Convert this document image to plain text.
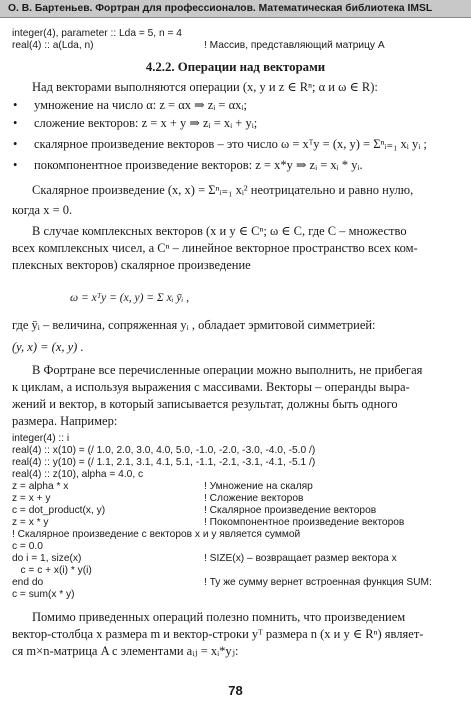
О. В. Бартеньев. Фортран для профессионалов. Математическая библиотека IMSL
integer(4), parameter :: Lda = 5, n = 4
real(4) :: a(Lda, n)	! Массив, представляющий матрицу A
4.2.2. Операции над векторами
Над векторами выполняются операции (x, y и z ∈ Rⁿ; α и ω ∈ R):
• умножение на число α: z = αx ⇒ zᵢ = αxᵢ;
• сложение векторов: z = x + y ⇒ zᵢ = xᵢ + yᵢ;
• скалярное произведение векторов – это число ω = xᵀy = (x, y) = Σⁿᵢ₌₁ xᵢ yᵢ ;
• покомпонентное произведение векторов: z = x*y ⇒ zᵢ = xᵢ * yᵢ.
Скалярное произведение (x, x) = Σⁿᵢ₌₁ xᵢ² неотрицательно и равно нулю,
когда x = 0.
В случае комплексных векторов (x и y ∈ Cⁿ; ω ∈ C, где C – множество
всех комплексных чисел, а Cⁿ – линейное векторное пространство всех ком-
плексных векторов) скалярное произведение
ω = xᵀy = (x, y) = Σ xᵢ ȳᵢ ,
где ȳᵢ – величина, сопряженная yᵢ , обладает эрмитовой симметрией:
(y, x) = (x, y) .
В Фортране все перечисленные операции можно выполнить, не прибегая
к циклам, а используя выражения с массивами. Векторы – операнды выра-
жений и вектор, в который записывается результат, должны быть одного
размера. Например:
integer(4) :: i
real(4) :: x(10) = (/ 1.0, 2.0, 3.0, 4.0, 5.0, -1.0, -2.0, -3.0, -4.0, -5.0 /)
real(4) :: y(10) = (/ 1.1, 2.1, 3.1, 4.1, 5.1, -1.1, -2.1, -3.1, -4.1, -5.1 /)
real(4) :: z(10), alpha = 4.0, c
z = alpha * x	! Умножение на скаляр
z = x + y	! Сложение векторов
c = dot_product(x, y)	! Скалярное произведение векторов
z = x * y	! Покомпонентное произведение векторов
! Скалярное произведение с векторов x и y является суммой
c = 0.0
do i = 1, size(x)	! SIZE(x) – возвращает размер вектора x
c = c + x(i) * y(i)
end do	! Ту же сумму вернет встроенная функция SUM:
c = sum(x * y)
Помимо приведенных операций полезно помнить, что произведением
вектор-столбца x размера m и вектор-строки yᵀ размера n (x и y ∈ Rⁿ) являет-
ся m×n-матрица A с элементами aᵢⱼ = xᵢ*yⱼ:
78
